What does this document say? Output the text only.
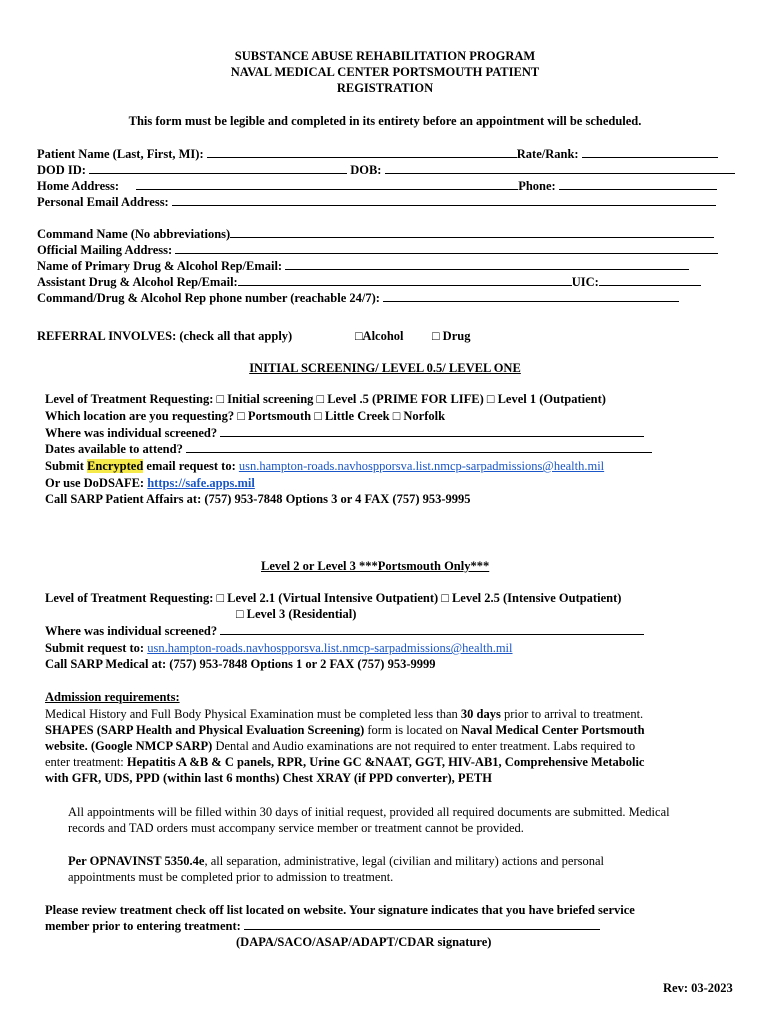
SUBSTANCE ABUSE REHABILITATION PROGRAM
NAVAL MEDICAL CENTER PORTSMOUTH PATIENT
REGISTRATION
This form must be legible and completed in its entirety before an appointment will be scheduled.
Patient Name (Last, First, MI):	Rate/Rank:
DOD ID:	DOB:
Home Address:	Phone:
Personal Email Address:
Command Name (No abbreviations)
Official Mailing Address:
Name of Primary Drug & Alcohol Rep/Email:
Assistant Drug & Alcohol Rep/Email:	UIC:
Command/Drug & Alcohol Rep phone number (reachable 24/7):
REFERRAL INVOLVES: (check all that apply)	□Alcohol □ Drug
INITIAL SCREENING/ LEVEL 0.5/ LEVEL ONE
Level of Treatment Requesting: □ Initial screening □ Level .5 (PRIME FOR LIFE) □ Level 1 (Outpatient)
Which location are you requesting? □ Portsmouth □ Little Creek □ Norfolk
Where was individual screened?
Dates available to attend?
Submit Encrypted email request to: usn.hampton-roads.navhospporsva.list.nmcp-sarpadmissions@health.mil
Or use DoDSAFE: https://safe.apps.mil
Call SARP Patient Affairs at: (757) 953-7848 Options 3 or 4 FAX (757) 953-9995
Level 2 or Level 3 ***Portsmouth Only***
Level of Treatment Requesting: □ Level 2.1 (Virtual Intensive Outpatient) □ Level 2.5 (Intensive Outpatient)
□ Level 3 (Residential)
Where was individual screened?
Submit request to: usn.hampton-roads.navhospporsva.list.nmcp-sarpadmissions@health.mil
Call SARP Medical at: (757) 953-7848 Options 1 or 2 FAX (757) 953-9999
Admission requirements:
Medical History and Full Body Physical Examination must be completed less than 30 days prior to arrival to treatment.
SHAPES (SARP Health and Physical Evaluation Screening) form is located on Naval Medical Center Portsmouth
website. (Google NMCP SARP) Dental and Audio examinations are not required to enter treatment. Labs required to
enter treatment: Hepatitis A &B & C panels, RPR, Urine GC &NAAT, GGT, HIV-AB1, Comprehensive Metabolic
with GFR, UDS, PPD (within last 6 months) Chest XRAY (if PPD converter), PETH
All appointments will be filled within 30 days of initial request, provided all required documents are submitted. Medical
records and TAD orders must accompany service member or treatment cannot be provided.
Per OPNAVINST 5350.4e, all separation, administrative, legal (civilian and military) actions and personal
appointments must be completed prior to admission to treatment.
Please review treatment check off list located on website. Your signature indicates that you have briefed service
member prior to entering treatment:
(DAPA/SACO/ASAP/ADAPT/CDAR signature)
Rev: 03-2023
